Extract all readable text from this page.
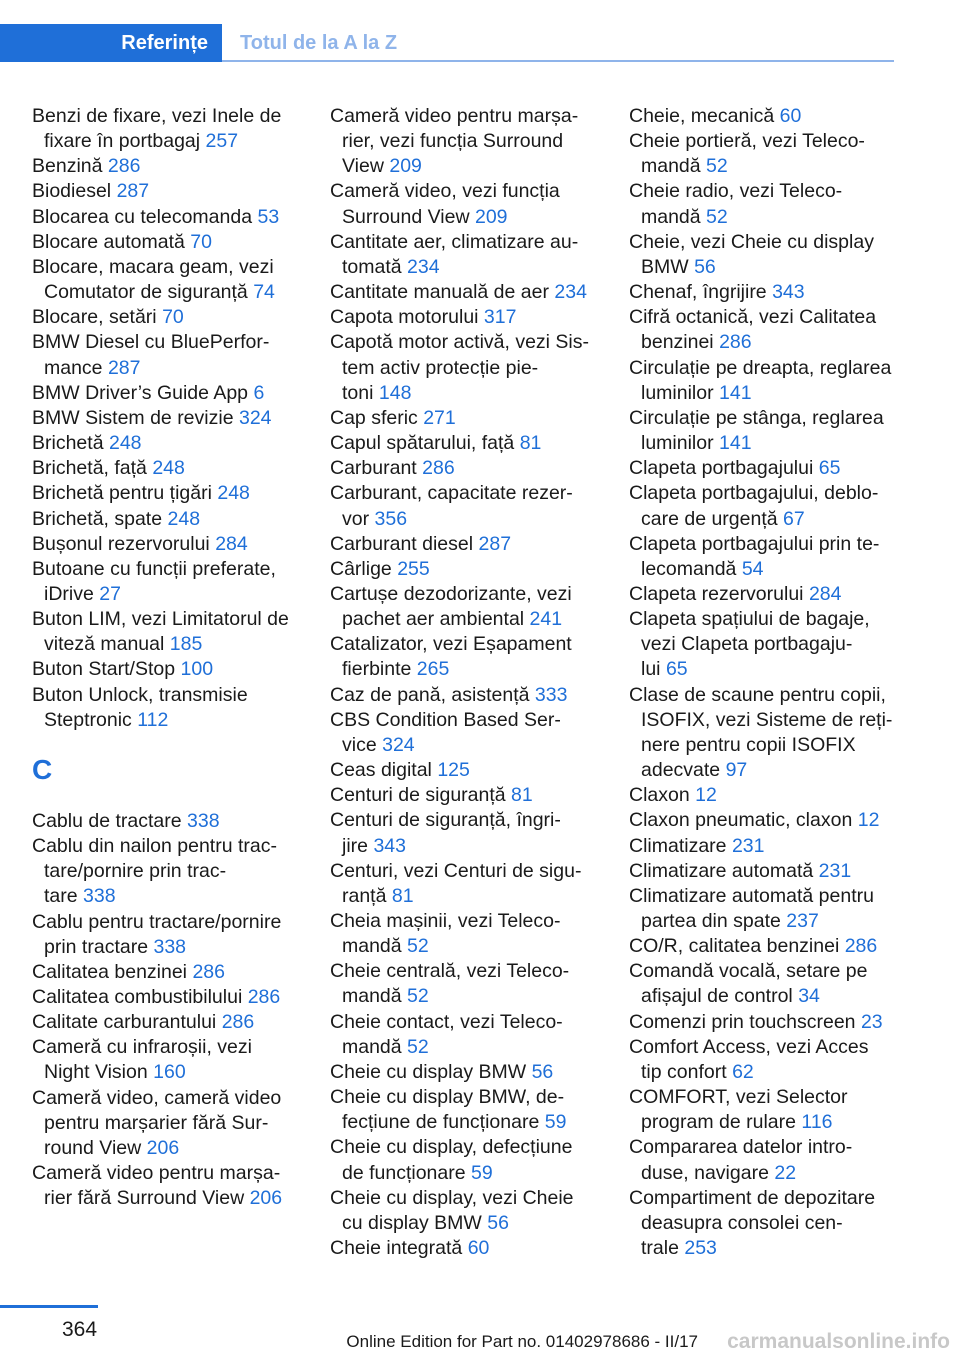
Referințe	Totul de la A la Z
Benzi de fixare, vezi Inele de
fixare în portbagaj 257
Benzină 286
Biodiesel 287
Blocarea cu telecomanda 53
Blocare automată 70
Blocare, macara geam, vezi
Comutator de siguranță 74
Blocare, setări 70
BMW Diesel cu BluePerfor‐
mance 287
BMW Driver’s Guide App 6
BMW Sistem de revizie 324
Brichetă 248
Brichetă, față 248
Brichetă pentru țigări 248
Brichetă, spate 248
Bușonul rezervorului 284
Butoane cu funcții preferate,
iDrive 27
Buton LIM, vezi Limitatorul de
viteză manual 185
Buton Start/Stop 100
Buton Unlock, transmisie
Steptronic 112
C
Cablu de tractare 338
Cablu din nailon pentru trac‐
tare/pornire prin trac‐
tare 338
Cablu pentru tractare/pornire
prin tractare 338
Calitatea benzinei 286
Calitatea combustibilului 286
Calitate carburantului 286
Cameră cu infraroșii, vezi
Night Vision 160
Cameră video, cameră video
pentru marșarier fără Sur‐
round View 206
Cameră video pentru marșa‐
rier fără Surround View 206
Cameră video pentru marșa‐
rier, vezi funcția Surround
View 209
Cameră video, vezi funcția
Surround View 209
Cantitate aer, climatizare au‐
tomată 234
Cantitate manuală de aer 234
Capota motorului 317
Capotă motor activă, vezi Sis‐
tem activ protecție pie‐
toni 148
Cap sferic 271
Capul spătarului, față 81
Carburant 286
Carburant, capacitate rezer‐
vor 356
Carburant diesel 287
Cârlige 255
Cartușe dezodorizante, vezi
pachet aer ambiental 241
Catalizator, vezi Eșapament
fierbinte 265
Caz de pană, asistență 333
CBS Condition Based Ser‐
vice 324
Ceas digital 125
Centuri de siguranță 81
Centuri de siguranță, îngri‐
jire 343
Centuri, vezi Centuri de sigu‐
ranță 81
Cheia mașinii, vezi Teleco‐
mandă 52
Cheie centrală, vezi Teleco‐
mandă 52
Cheie contact, vezi Teleco‐
mandă 52
Cheie cu display BMW 56
Cheie cu display BMW, de‐
fecțiune de funcționare 59
Cheie cu display, defecțiune
de funcționare 59
Cheie cu display, vezi Cheie
cu display BMW 56
Cheie integrată 60
Cheie, mecanică 60
Cheie portieră, vezi Teleco‐
mandă 52
Cheie radio, vezi Teleco‐
mandă 52
Cheie, vezi Cheie cu display
BMW 56
Chenaf, îngrijire 343
Cifră octanică, vezi Calitatea
benzinei 286
Circulație pe dreapta, reglarea
luminilor 141
Circulație pe stânga, reglarea
luminilor 141
Clapeta portbagajului 65
Clapeta portbagajului, deblo‐
care de urgență 67
Clapeta portbagajului prin te‐
lecomandă 54
Clapeta rezervorului 284
Clapeta spațiului de bagaje,
vezi Clapeta portbagaju‐
lui 65
Clase de scaune pentru copii,
ISOFIX, vezi Sisteme de reți‐
nere pentru copii ISOFIX
adecvate 97
Claxon 12
Claxon pneumatic, claxon 12
Climatizare 231
Climatizare automată 231
Climatizare automată pentru
partea din spate 237
CO/R, calitatea benzinei 286
Comandă vocală, setare pe
afișajul de control 34
Comenzi prin touchscreen 23
Comfort Access, vezi Acces
tip confort 62
COMFORT, vezi Selector
program de rulare 116
Compararea datelor intro‐
duse, navigare 22
Compartiment de depozitare
deasupra consolei cen‐
trale 253
364
Online Edition for Part no. 01402978686 - II/17 carmanualsonline.info
